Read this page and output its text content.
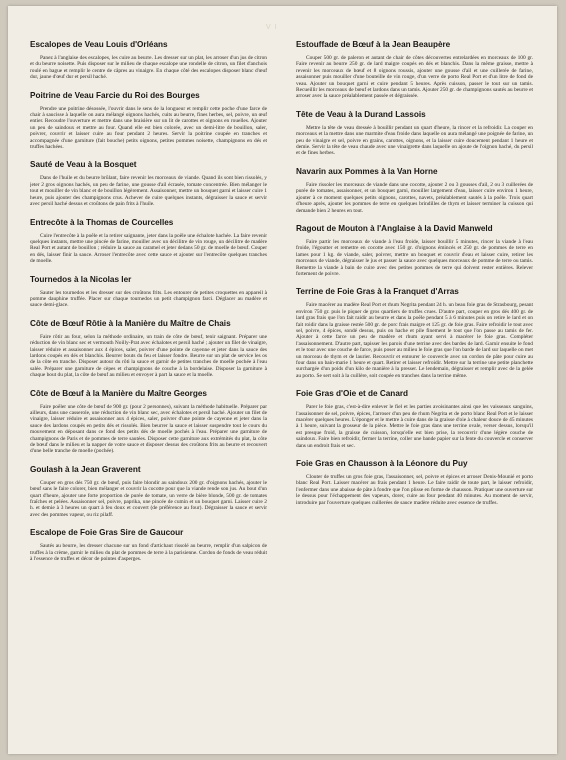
V I
Escalopes de Veau Louis d'Orléans

Panez à l'anglaise des escalopes, les cuire au beurre. Les dresser sur un plat, les arroser d'un jus de citron et du beurre noisette. Puis disposer sur le milieu de chaque escalope une rondelle de citron, un filet d'anchois roulé en bague et remplir le centre de câpres au vinaigre. En chaque côté des escalopes disposer blanc d'œuf dur, jaune d'œuf dur et persil haché.

Poitrine de Veau Farcie du Roi des Bourges

Prendre une poitrine désossée, l'ouvrir dans le sens de la longueur et remplir cette poche d'une farce de chair à saucisse à laquelle on aura mélangé oignons hachés, cuits au beurre, fines herbes, sel, poivre, un œuf entier. Recoudre l'ouverture et mettre dans une braisière sur un lit de carottes et oignons en rouelles. Ajouter un peu de saindoux et mettre au four. Quand elle est bien colorée, avec un demi-litre de bouillon, saler, poivrer, couvrir et laisser cuire au four pendant 2 heures. Servir la poitrine coupée en tranches et accompagnée d'une garniture (fait bouche) petits oignons, petites pommes noisette, champignons en dés et truffes hachées.

Sauté de Veau à la Bosquet

Dans de l'huile et du beurre brûlant, faire revenir les morceaux de viande. Quand ils sont bien rissolés, y jeter 2 gros oignons hachés, un peu de farine, une gousse d'ail écrasée, tomate concentrée. Bien mélanger le tout et mouiller de vin blanc et de bouillon légèrement. Assaisonner, mettre un bouquet garni et laisser cuire 1 heure, puis ajouter des champignons crus. Achever de cuire quelques instants, dégraisser la sauce et servir avec persil haché dessus et croûtons de pain frits à l'huile.

Entrecôte à la Thomas de Courcelles

Cuire l'entrecôte à la poêle et la retirer saignante, jeter dans la poêle une échalote hachée. La faire revenir quelques instants, mettre une pincée de farine, mouiller avec un décilitre de vin rouge, un décilitre de madère Real Port et autant de bouillon ; réduire la sauce au caramel et jeter dedans 50 gr. de moelle de bœuf. Couper en dés, laisser finir la sauce. Arroser l'entrecôte avec cette sauce et ajouter sur l'entrecôte quelques tranches de moelle.

Tournedos à la Nicolas Ier

Sauter les tournedos et les dresser sur des croûtons frits. Les entourer de petites croquettes en appareil à pomme dauphine truffée. Placer sur chaque tournedos un petit champignon farci. Déglacer au madère et sauce demi-glace.

Côte de Bœuf Rôtie à la Manière du Maître de Chais

Faire rôtir au four, selon la méthode ordinaire, un train de côte de bœuf, tenir saignant. Préparer une réduction de vin blanc sec et vermouth Noilly-Prat avec échalotes et persil haché ; ajouter un filet de vinaigre, laisser réduire et assaisonner aux 4 épices, saler, poivrer d'une pointe de cayenne et jeter dans la sauce des lardons coupés en dés et blanchis. Beurrer bouts du feu et laisser fondre. Beurre sur un plat de service les os de la côte en tranche. Disposer autour du rôti la sauce et garnir de petites tranches de moelle pochée à l'eau salée. Préparer une garniture de cèpes et champignons de couche à la bordelaise. Disposer la garniture à chaque bout du plat, la côte de bœuf au milieu et envoyer à part la sauce et la moelle.

Côte de Bœuf à la Manière du Maître Georges

Faire poêler une côte de bœuf de 900 gr. (pour 2 personnes), suivant la méthode habituelle. Préparer par ailleurs, dans une casserole, une réduction de vin blanc sec, avec échalotes et persil haché. Ajouter un filet de vinaigre, laisser réduire et assaisonner aux 4 épices, saler, poivrer d'une pointe de cayenne et jeter dans la sauce des lardons coupés en petits dés et rissolés. Bien beurrer la sauce et laisser suspendre tout le cours du mouvement en déposant dans ce fond des petits dés de moelle pochés à l'eau. Préparer une garniture de champignons de Paris et de pommes de terre sautées. Disposer cette garniture aux extrémités du plat, la côte de bœuf dans le milieu et la napper de votre sauce et disposer dessus des croûtons frits au beurre et recouvert d'une belle tranche de moelle (pochée).

Goulash à la Jean Graverent

Couper en gros dés 750 gr. de bœuf, puis faire blondir au saindoux 200 gr. d'oignons hachés, ajouter le bœuf sans le faire colorer, bien mélanger et couvrir la cocotte pour que la viande rende son jus. Au bout d'un quart d'heure, ajouter une forte proportion de purée de tomate, un verre de bière blonde, 500 gr. de tomates fraîches et pelées. Assaisonner sel, poivre, paprika, une pincée de cumin et un bouquet garni. Laisser cuire 2 h. et demie à 3 heures un quart à feu doux et couvert (de préférence au four). Dégraisser la sauce et servir avec des pommes vapeur, ou riz pilaff.

Escalope de Foie Gras Sire de Gaucour

Sautés au beurre, les dresser chacune sur un fond d'artichaut rissolé au beurre, remplir d'un salpicon de truffes à la crème, garnir le milieu du plat de pommes de terre à la parisienne. Cordon de fonds de veau réduit à l'essence de truffes et décor de pointes d'asperges.

Estouffade de Bœuf à la Jean Beaupère

Couper 500 gr. de paleron et autant de chair de côtes découvertes entrelardées en morceaux de 100 gr. Faire revenir au beurre 250 gr. de lard maigre coupés en dés et blanchis. Dans la même graisse, mettre à revenir les morceaux de bœuf et 8 oignons roussis, ajouter une gousse d'ail et une cuillerée de farine, assaisonner puis mouiller d'une bouteille de vin rouge, d'un verre de porto Real Port et d'un litre de fond de veau. Ajouter un bouquet garni et cuire pendant 5 heures. Après cuisson, passer le tout sur un tamis. Recueillir les morceaux de bœuf et lardons dans un tamis. Ajouter 250 gr. de champignons sautés au beurre et arroser avec la sauce préalablement passée et dégraissée.

Tête de Veau à la Durand Lassois

Mettre la tête de veau dressée à bouillir pendant un quart d'heure, la rincer et la refroidir. La couper en morceaux et la mettre dans une marmite d'eau froide dans laquelle on aura mélangé une poignée de farine, un peu de vinaigre et sel, poivre en grains, carottes, oignons, et la laisser cuire doucement pendant 1 heure et demie. Servir la tête de veau chaude avec une vinaigrette dans laquelle on ajoute de l'oignon haché, du persil et de fines herbes.

Navarin aux Pommes à la Van Horne

Faire rissoler les morceaux de viande dans une cocotte, ajouter 2 ou 3 gousses d'ail, 2 ou 3 cuillerées de purée de tomates, assaisonner, et un bouquet garni, mouiller largement d'eau, laisser cuire environ 1 heure, ajouter à ce moment quelques petits oignons, carottes, navets, préalablement sautés à la poêle. Trois quart d'heure après, ajouter les pommes de terre en quelques brindilles de thym et laisser terminer la cuisson qui demande bien 2 heures en tout.

Ragout de Mouton à l'Anglaise à la David Manweld

Faire partir les morceaux de viande à l'eau froide, laisser bouillir 5 minutes, rincer la viande à l'eau froide, l'égoutter et remettre en cocotte avec 150 gr. d'oignons émincés et 250 gr. de pommes de terre en lames pour 1 kg. de viande, saler, poivrer, mettre un bouquet et couvrir d'eau et laisser cuire, retirer les morceaux de viande, dégraisser le jus et passer la sauce avec quelques morceaux de pomme de terre ou tamis. Remettre la viande à bain de cuire avec des petites pommes de terre qui doivent rester entières. Relever fortement de poivre.

Terrine de Foie Gras à la Franquet d'Arras

Faire macérer au madère Real Port et rhum Negrita pendant 24 h. un beau foie gras de Strasbourg, pesant environ 750 gr. puis le piquer de gros quartiers de truffes crues. D'autre part, couper en gros dés 400 gr. de lard gras frais que l'on fait raidir au beurre et dans la poêle pendant 5 à 6 minutes puis on retire le lard et on fait roidir dans la graisse restée 500 gr. de porc frais maigre et 125 gr. de foie gras. Faire refroidir le tout avec sel, poivre, 4 épices, sondé dessus, puis on hache et pile finement le tout que l'on passe au tamis de fer. Ajouter à cette farce un peu de madère et rhum ayant servi à macérer le foie gras. Compléter l'assaisonnement. D'autre part, tapisser les parois d'une terrine avec des bardes de lard. Garnir ensuite le fond et le tour avec une couche de farce, puis poser au milieu le foie gras que l'on barde de lard sur laquelle on met un morceau de thym et de laurier. Recouvrir et entourer le couvercle avec un cordon de pâte pour cuire au four dans un bain-marie 1 heure et quart. Retirer et laisser refroidir. Mettre sur la terrine une petite planchette surchargée d'un poids d'un kilo de manière à la presser. Le lendemain, dégraisser et remplir avec de la gelée au porto. Se sert soit à la cuillère, soit coupée en tranches dans la terrine même.

Foie Gras d'Oie et de Canard

Parer le foie gras, c'est-à-dire enlever le fiel et les parties avoisinantes ainsi que les vaisseaux sanguins, l'assaisonner de sel, poivre, épices, l'arroser d'un peu de rhum Negrita et de porto blanc Real Port et le laisser macérer quelques heures. L'éponger et le mettre à cuire dans de la graisse d'oie à chaleur douce de 45 minutes à 1 heure, suivant la grosseur de la pièce. Mettre le foie gras dans une terrine ovale, verser dessus, lorsqu'il est presque froid, la graisse de cuisson, lorsqu'elle est bien prise, la recouvrir d'une légère couche de saindoux. Faire bien refroidir, fermer la terrine, coller une bande papier sur la fente du couvercle et conserver dans un endroit frais et sec.

Foie Gras en Chausson à la Léonore du Puy

Clouter de truffes un gros foie gras, l'assaisonner, sel, poivre et épices et arroser Denis-Mounié et porto blanc Real Port. Laisser macérer au frais pendant 1 heure. Le faire raidir de toute part, le laisser refroidir, l'enfermer dans une abaisse de pâte à fondre que l'on plisse en forme de chausson. Pratiquer une ouverture sur le dessus pour l'échappement des vapeurs, dorer, cuire au four pendant 40 minutes. Au moment de servir, introduire par l'ouverture quelques cuillerées de sauce madère réduite avec essence de truffes.
